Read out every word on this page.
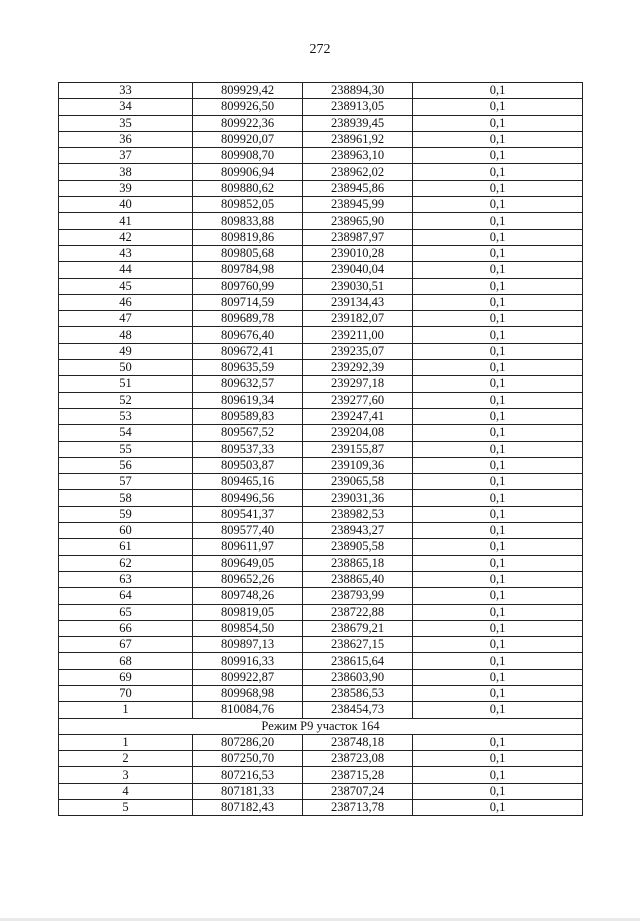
272
33	809929,42	238894,30	0,1
34	809926,50	238913,05	0,1
35	809922,36	238939,45	0,1
36	809920,07	238961,92	0,1
37	809908,70	238963,10	0,1
38	809906,94	238962,02	0,1
39	809880,62	238945,86	0,1
40	809852,05	238945,99	0,1
41	809833,88	238965,90	0,1
42	809819,86	238987,97	0,1
43	809805,68	239010,28	0,1
44	809784,98	239040,04	0,1
45	809760,99	239030,51	0,1
46	809714,59	239134,43	0,1
47	809689,78	239182,07	0,1
48	809676,40	239211,00	0,1
49	809672,41	239235,07	0,1
50	809635,59	239292,39	0,1
51	809632,57	239297,18	0,1
52	809619,34	239277,60	0,1
53	809589,83	239247,41	0,1
54	809567,52	239204,08	0,1
55	809537,33	239155,87	0,1
56	809503,87	239109,36	0,1
57	809465,16	239065,58	0,1
58	809496,56	239031,36	0,1
59	809541,37	238982,53	0,1
60	809577,40	238943,27	0,1
61	809611,97	238905,58	0,1
62	809649,05	238865,18	0,1
63	809652,26	238865,40	0,1
64	809748,26	238793,99	0,1
65	809819,05	238722,88	0,1
66	809854,50	238679,21	0,1
67	809897,13	238627,15	0,1
68	809916,33	238615,64	0,1
69	809922,87	238603,90	0,1
70	809968,98	238586,53	0,1
1	810084,76	238454,73	0,1
Режим Р9 участок 164			
1	807286,20	238748,18	0,1
2	807250,70	238723,08	0,1
3	807216,53	238715,28	0,1
4	807181,33	238707,24	0,1
5	807182,43	238713,78	0,1
